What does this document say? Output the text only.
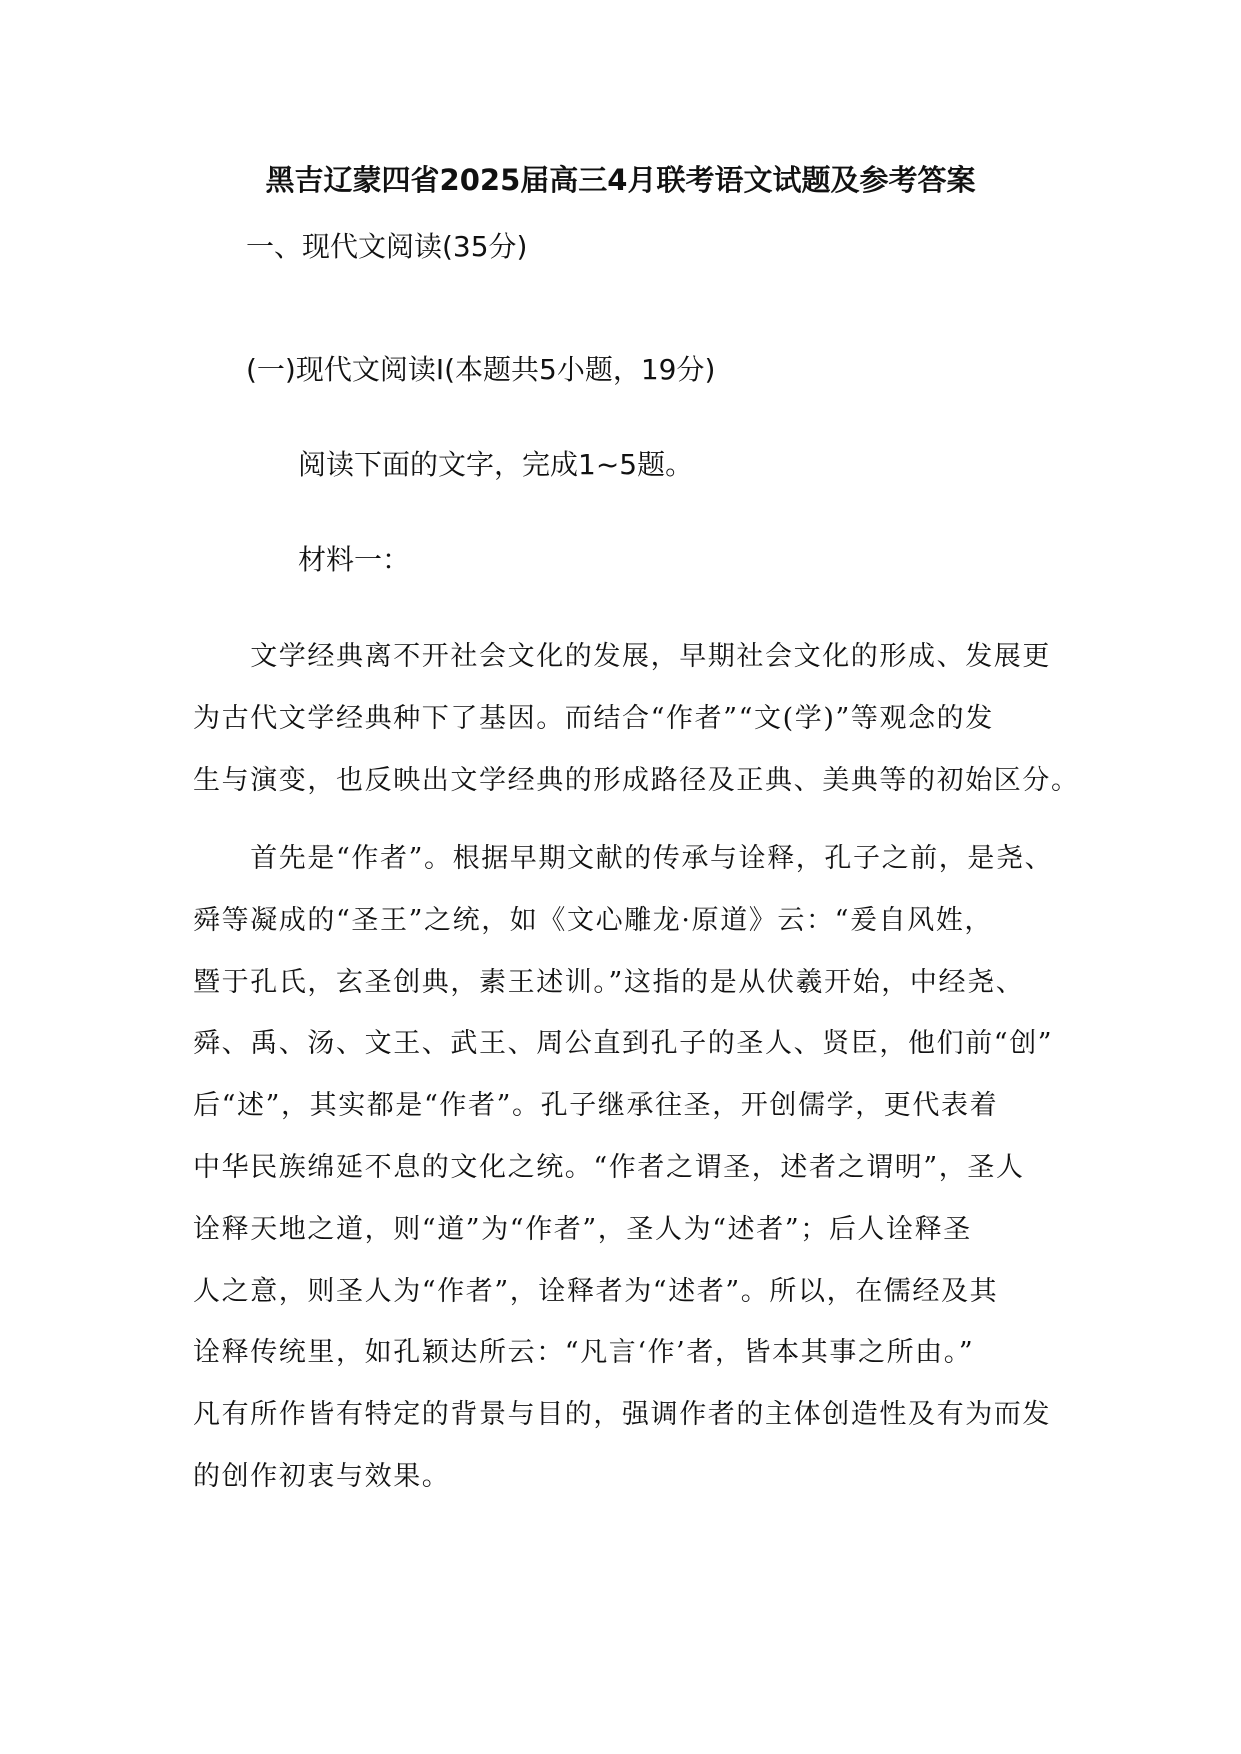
黑吉辽蒙四省2025届高三4月联考语文试题及参考答案
一、现代文阅读(35分)
(一)现代文阅读Ⅰ(本题共5小题，19分)
阅读下面的文字，完成1~5题。
材料一：
　　文学经典离不开社会文化的发展，早期社会文化的形成、发展更
为古代文学经典种下了基因。而结合“作者”“文(学)”等观念的发
生与演变，也反映出文学经典的形成路径及正典、美典等的初始区分。
　　首先是“作者”。根据早期文献的传承与诠释，孔子之前，是尧、
舜等凝成的“圣王”之统，如《文心雕龙·原道》云：“爰自风姓，
暨于孔氏，玄圣创典，素王述训。”这指的是从伏羲开始，中经尧、
舜、禹、汤、文王、武王、周公直到孔子的圣人、贤臣，他们前“创”
后“述”，其实都是“作者”。孔子继承往圣，开创儒学，更代表着
中华民族绵延不息的文化之统。“作者之谓圣，述者之谓明”，圣人
诠释天地之道，则“道”为“作者”，圣人为“述者”；后人诠释圣
人之意，则圣人为“作者”，诠释者为“述者”。所以，在儒经及其
诠释传统里，如孔颖达所云：“凡言‘作’者，皆本其事之所由。”
凡有所作皆有特定的背景与目的，强调作者的主体创造性及有为而发
的创作初衷与效果。
